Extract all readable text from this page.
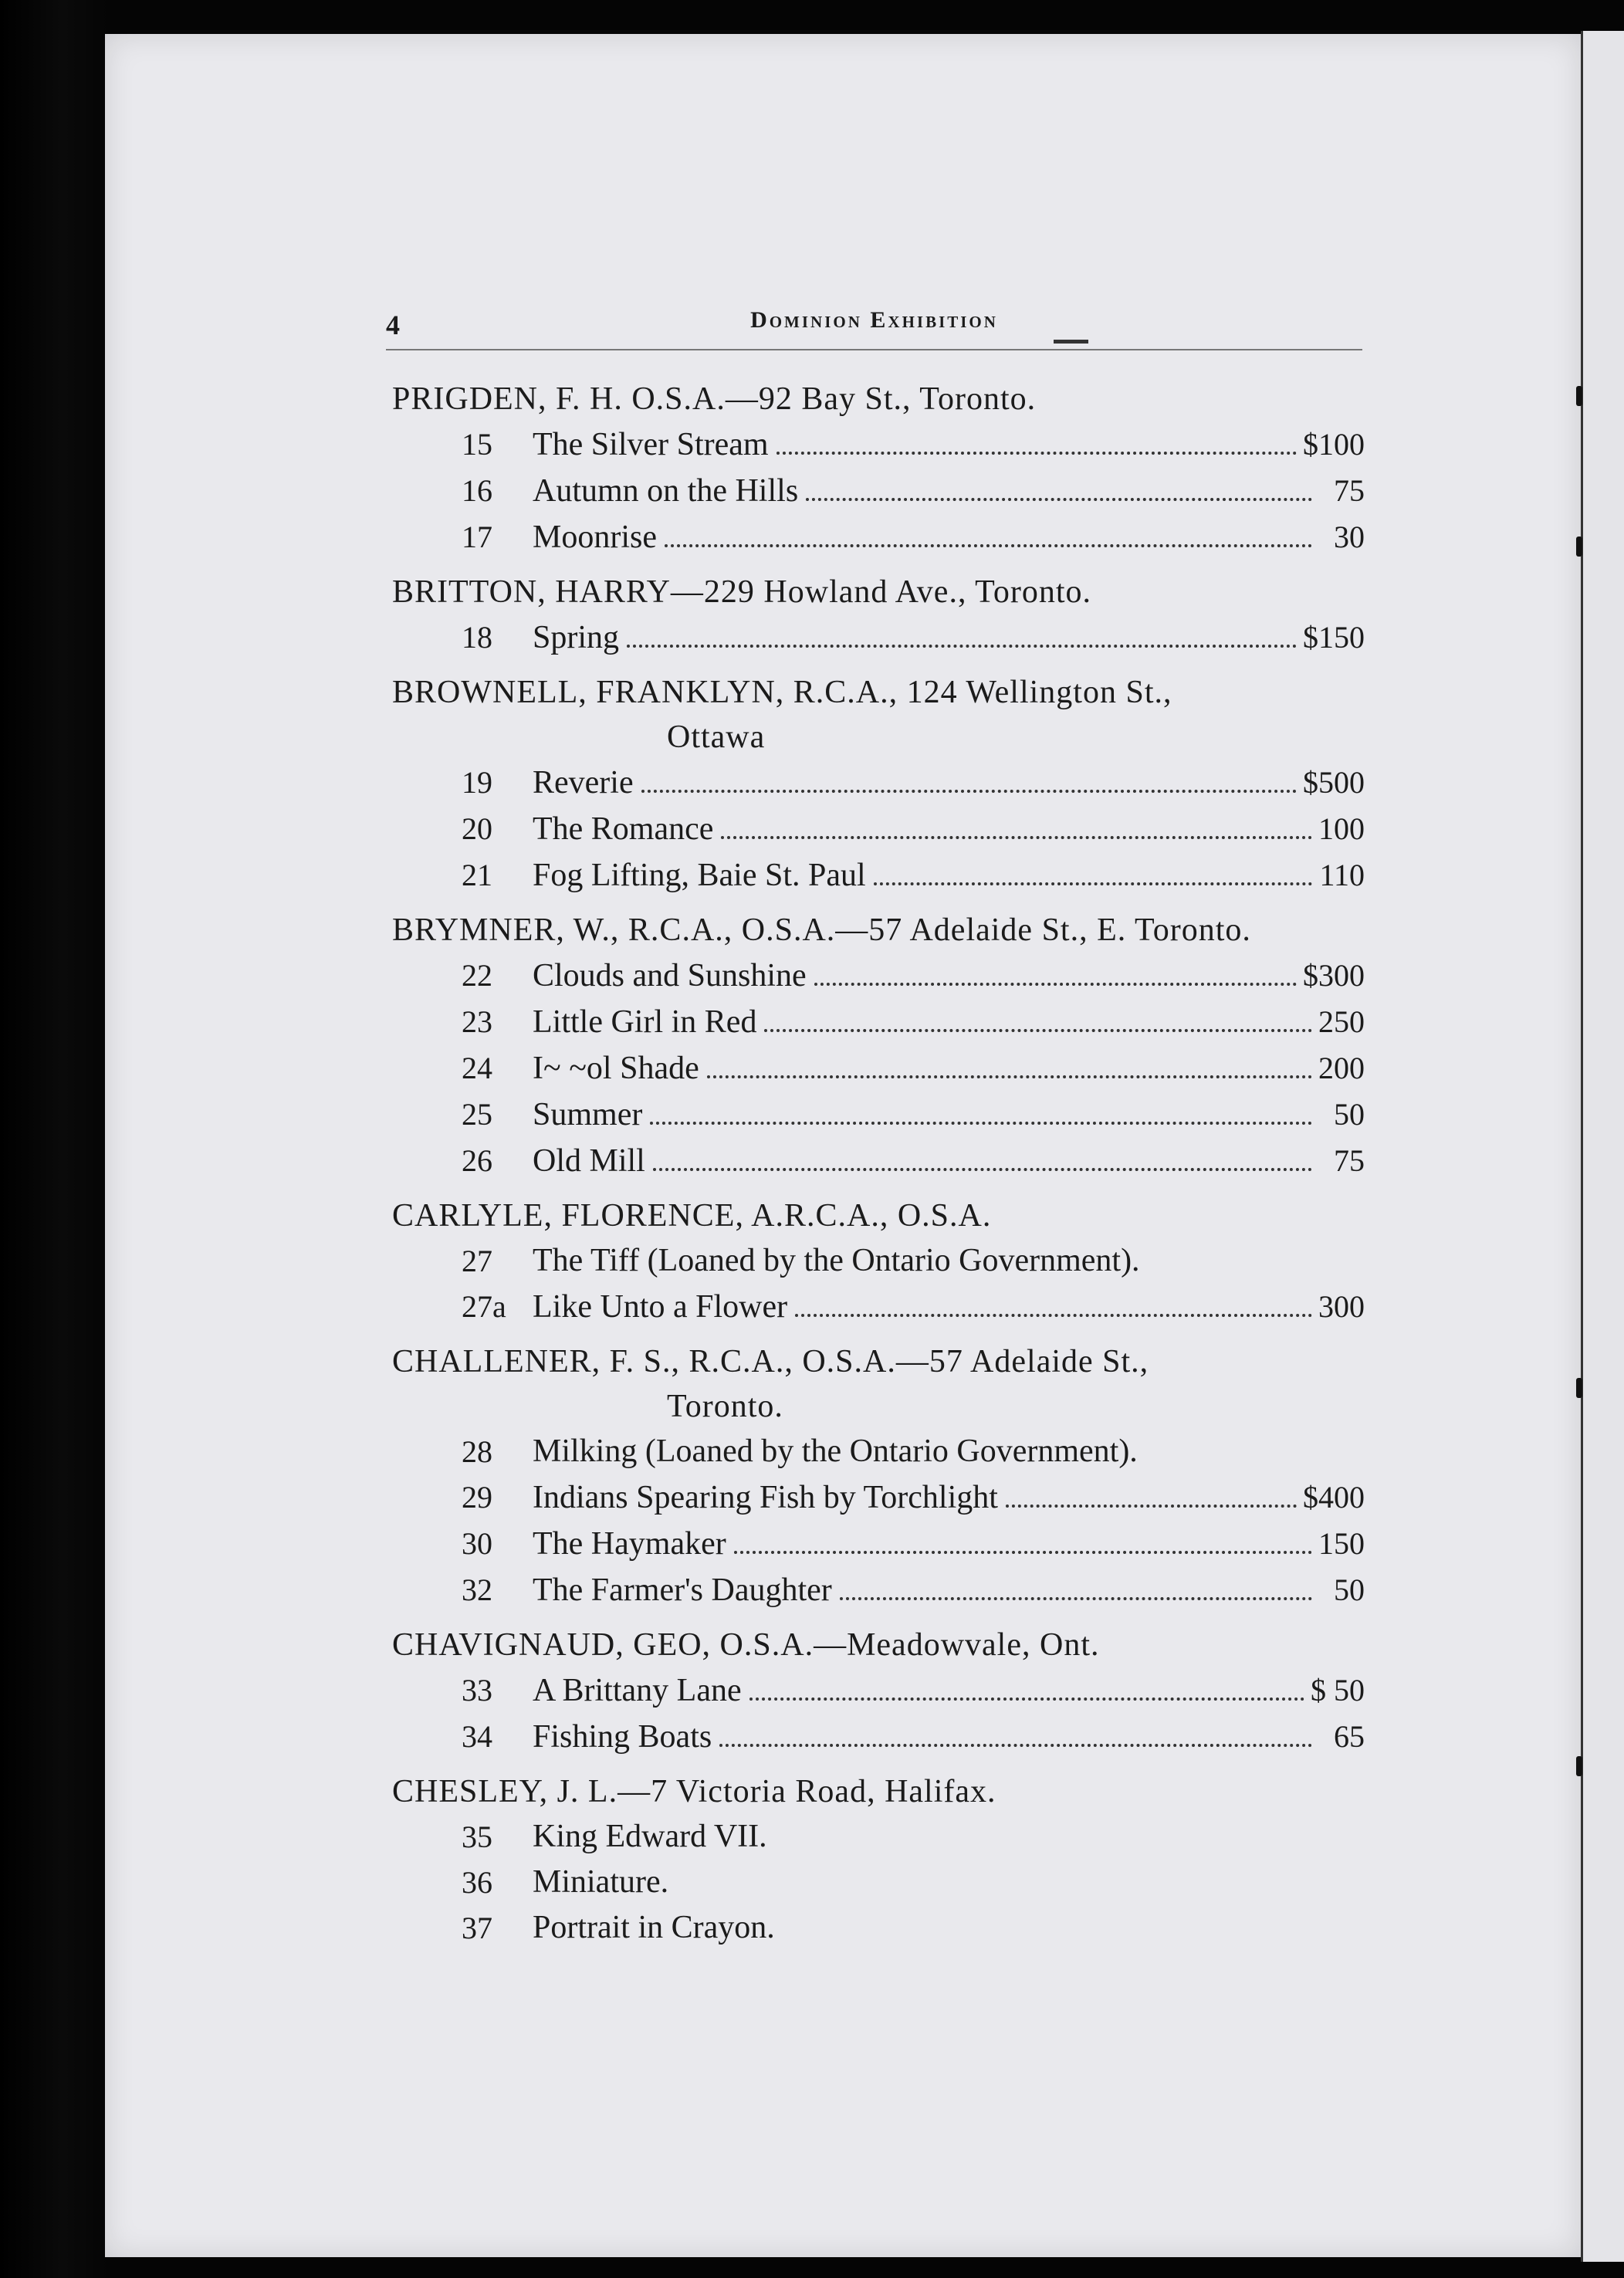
4	Dominion Exhibition
PRIGDEN, F. H. O.S.A.—92 Bay St., Toronto.
15	The Silver Stream	$100
16	Autumn on the Hills	75
17	Moonrise	30
BRITTON, HARRY—229 Howland Ave., Toronto.
18	Spring	$150
BROWNELL, FRANKLYN, R.C.A., 124 Wellington St.,
Ottawa
19	Reverie	$500
20	The Romance	100
21	Fog Lifting, Baie St. Paul	110
BRYMNER, W., R.C.A., O.S.A.—57 Adelaide St., E. Toronto.
22	Clouds and Sunshine	$300
23	Little Girl in Red	250
24	I~ ~ol Shade	200
25	Summer	50
26	Old Mill	75
CARLYLE, FLORENCE, A.R.C.A., O.S.A.
27	The Tiff (Loaned by the Ontario Government).
27a Like Unto a Flower	300
CHALLENER, F. S., R.C.A., O.S.A.—57 Adelaide St.,
Toronto.
28	Milking (Loaned by the Ontario Government).
29	Indians Spearing Fish by Torchlight	$400
30	The Haymaker	150
32	The Farmer's Daughter	50
CHAVIGNAUD, GEO, O.S.A.—Meadowvale, Ont.
33	A Brittany Lane	$ 50
34	Fishing Boats	65
CHESLEY, J. L.—7 Victoria Road, Halifax.
35	King Edward VII.
36	Miniature.
37	Portrait in Crayon.
